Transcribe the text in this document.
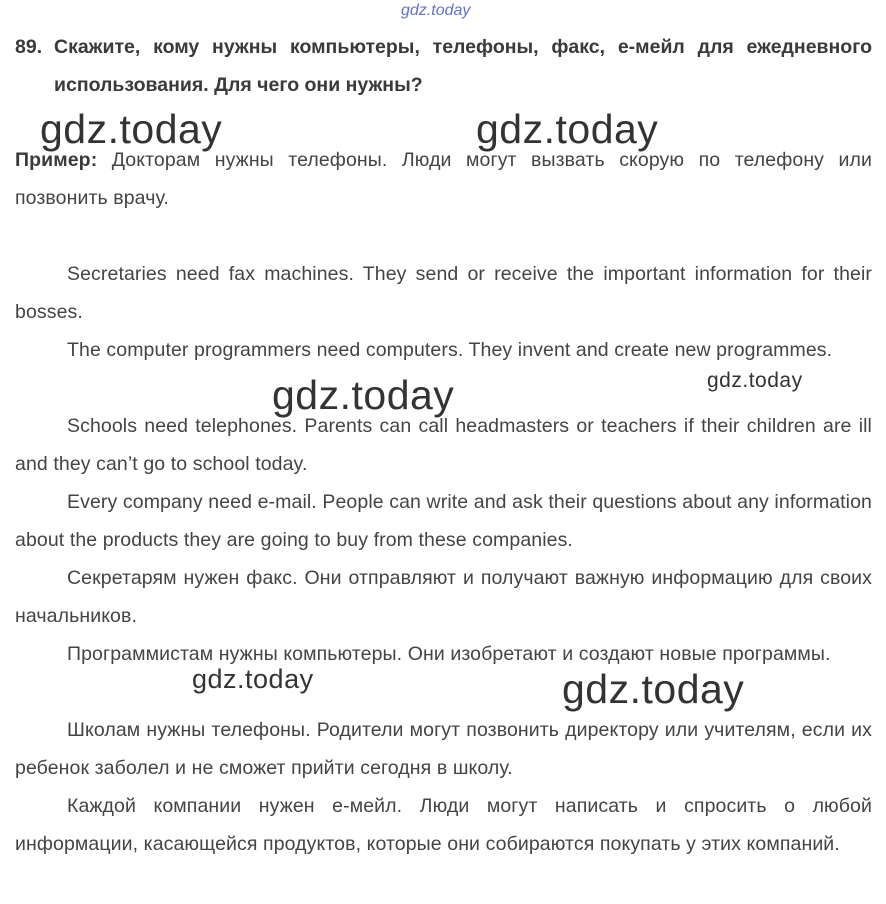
gdz.today
89. Скажите, кому нужны компьютеры, телефоны, факс, е-мейл для ежедневного использования. Для чего они нужны?

Пример: Докторам нужны телефоны. Люди могут вызвать скорую по телефону или позвонить врачу.

Secretaries need fax machines. They send or receive the important information for their bosses.

The computer programmers need computers. They invent and create new programmes.

Schools need telephones. Parents can call headmasters or teachers if their children are ill and they can’t go to school today.

Every company need e-mail. People can write and ask their questions about any information about the products they are going to buy from these companies.

Секретарям нужен факс. Они отправляют и получают важную информацию для своих начальников.

Программистам нужны компьютеры. Они изобретают и создают новые программы.

Школам нужны телефоны. Родители могут позвонить директору или учителям, если их ребенок заболел и не сможет прийти сегодня в школу.

Каждой компании нужен е-мейл. Люди могут написать и спросить о любой информации, касающейся продуктов, которые они собираются покупать у этих компаний.

gdz.today	gdz.today
gdz.today	gdz.today
gdz.today	gdz.today
